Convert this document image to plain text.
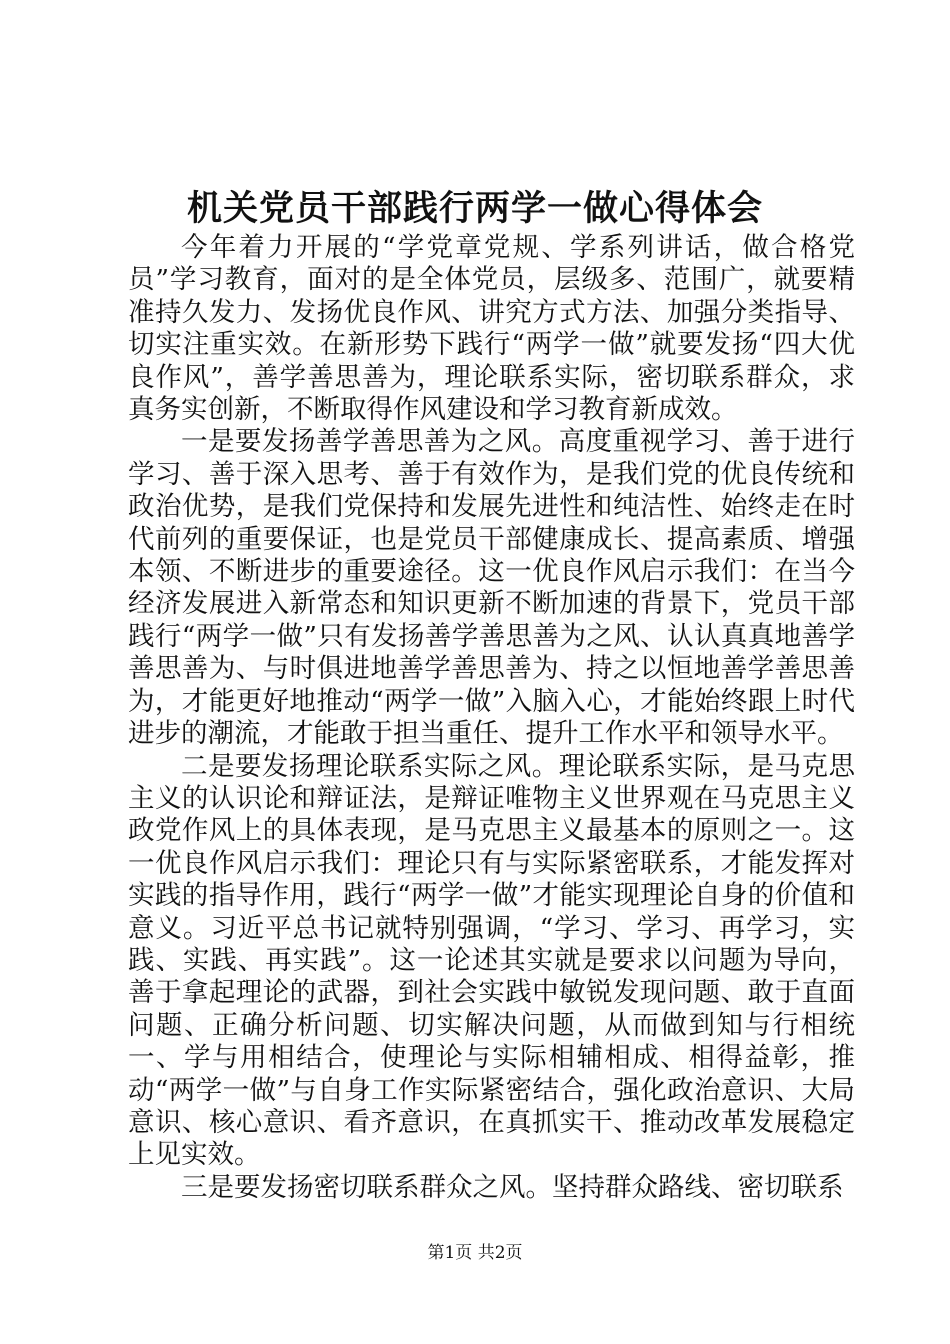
机关党员干部践行两学一做心得体会

今年着力开展的“学党章党规、学系列讲话，做合格党员”学习教育，面对的是全体党员，层级多、范围广，就要精准持久发力、发扬优良作风、讲究方式方法、加强分类指导、切实注重实效。在新形势下践行“两学一做”就要发扬“四大优良作风”，善学善思善为，理论联系实际，密切联系群众，求真务实创新，不断取得作风建设和学习教育新成效。

一是要发扬善学善思善为之风。高度重视学习、善于进行学习、善于深入思考、善于有效作为，是我们党的优良传统和政治优势，是我们党保持和发展先进性和纯洁性、始终走在时代前列的重要保证，也是党员干部健康成长、提高素质、增强本领、不断进步的重要途径。这一优良作风启示我们：在当今经济发展进入新常态和知识更新不断加速的背景下，党员干部践行“两学一做”只有发扬善学善思善为之风、认认真真地善学善思善为、与时俱进地善学善思善为、持之以恒地善学善思善为，才能更好地推动“两学一做”入脑入心，才能始终跟上时代进步的潮流，才能敢于担当重任、提升工作水平和领导水平。

二是要发扬理论联系实际之风。理论联系实际，是马克思主义的认识论和辩证法，是辩证唯物主义世界观在马克思主义政党作风上的具体表现，是马克思主义最基本的原则之一。这一优良作风启示我们：理论只有与实际紧密联系，才能发挥对实践的指导作用，践行“两学一做”才能实现理论自身的价值和意义。习近平总书记就特别强调，“学习、学习、再学习，实践、实践、再实践”。这一论述其实就是要求以问题为导向，善于拿起理论的武器，到社会实践中敏锐发现问题、敢于直面问题、正确分析问题、切实解决问题，从而做到知与行相统一、学与用相结合，使理论与实际相辅相成、相得益彰，推动“两学一做”与自身工作实际紧密结合，强化政治意识、大局意识、核心意识、看齐意识，在真抓实干、推动改革发展稳定上见实效。

三是要发扬密切联系群众之风。坚持群众路线、密切联系

第1页 共2页
